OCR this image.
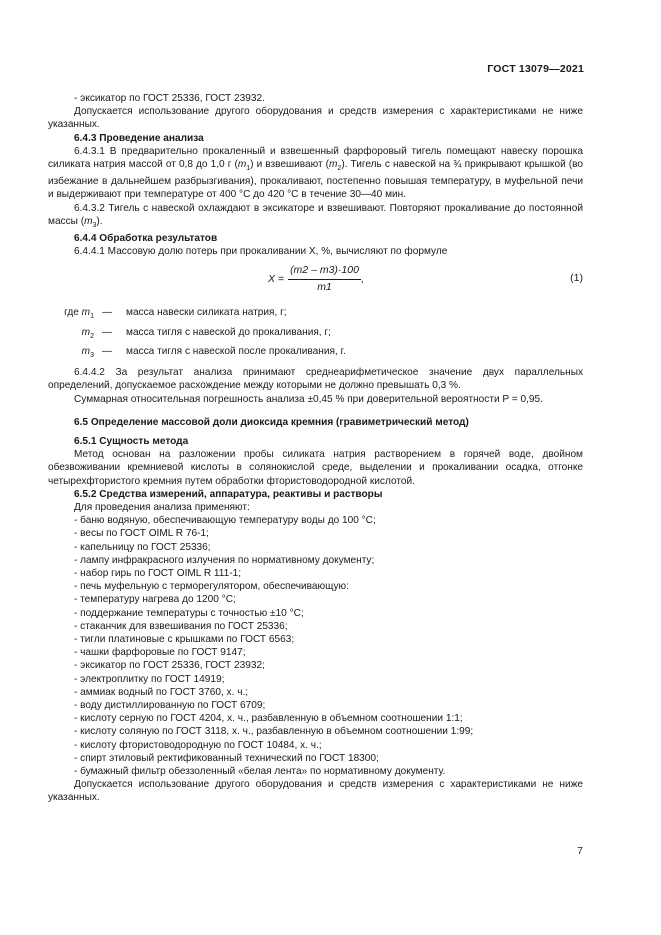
ГОСТ 13079—2021

- эксикатор по ГОСТ 25336, ГОСТ 23932.

Допускается использование другого оборудования и средств измерения с характеристиками не ниже указанных.

6.4.3 Проведение анализа

6.4.3.1 В предварительно прокаленный и взвешенный фарфоровый тигель помещают навеску порошка силиката натрия массой от 0,8 до 1,0 г $(m_1)$ и взвешивают $(m_2)$. Тигель с навеской на ¾ прикрывают крышкой (во избежание в дальнейшем разбрызгивания), прокаливают, постепенно повышая температуру, в муфельной печи и выдерживают при температуре от 400 °С до 420 °С в течение 30—40 мин.

6.4.3.2 Тигель с навеской охлаждают в эксикаторе и взвешивают. Повторяют прокаливание до постоянной массы $(m_3)$.

6.4.4 Обработка результатов

6.4.4.1 Массовую долю потерь при прокаливании X, %, вычисляют по формуле

$X = \frac{(m2 - m3)\cdot 100}{m1}$ ,	(1)
где $m_1$ —	масса навески силиката натрия, г;
$m_2$ —	масса тигля с навеской до прокаливания, г;
$m_3$ —	масса тигля с навеской после прокаливания, г.

6.4.4.2 За результат анализа принимают среднеарифметическое значение двух параллельных определений, допускаемое расхождение между которыми не должно превышать 0,3 %.

Суммарная относительная погрешность анализа ±0,45 % при доверительной вероятности P = 0,95.

6.5 Определение массовой доли диоксида кремния (гравиметрический метод)

6.5.1 Сущность метода

Метод основан на разложении пробы силиката натрия растворением в горячей воде, двойном обезвоживании кремниевой кислоты в солянокислой среде, выделении и прокаливании осадка, отгонке четырехфтористого кремния путем обработки фтористоводородной кислотой.

6.5.2 Средства измерений, аппаратура, реактивы и растворы

Для проведения анализа применяют:

- баню водяную, обеспечивающую температуру воды до 100 °С;

- весы по ГОСТ OIML R 76-1;

- капельницу по ГОСТ 25336;

- лампу инфракрасного излучения по нормативному документу;

- набор гирь по ГОСТ OIML R 111-1;

- печь муфельную с терморегулятором, обеспечивающую:

- температуру нагрева до 1200 °С;

- поддержание температуры с точностью ±10 °С;

- стаканчик для взвешивания по ГОСТ 25336;

- тигли платиновые с крышками по ГОСТ 6563;

- чашки фарфоровые по ГОСТ 9147;

- эксикатор по ГОСТ 25336, ГОСТ 23932;

- электроплитку по ГОСТ 14919;

- аммиак водный по ГОСТ 3760, х. ч.;

- воду дистиллированную по ГОСТ 6709;

- кислоту серную по ГОСТ 4204, х. ч., разбавленную в объемном соотношении 1:1;

- кислоту соляную по ГОСТ 3118, х. ч., разбавленную в объемном соотношении 1:99;

- кислоту фтористоводородную по ГОСТ 10484, х. ч.;

- спирт этиловый ректификованный технический по ГОСТ 18300;

- бумажный фильтр обеззоленный «белая лента» по нормативному документу.

Допускается использование другого оборудования и средств измерения с характеристиками не ниже указанных.

7
